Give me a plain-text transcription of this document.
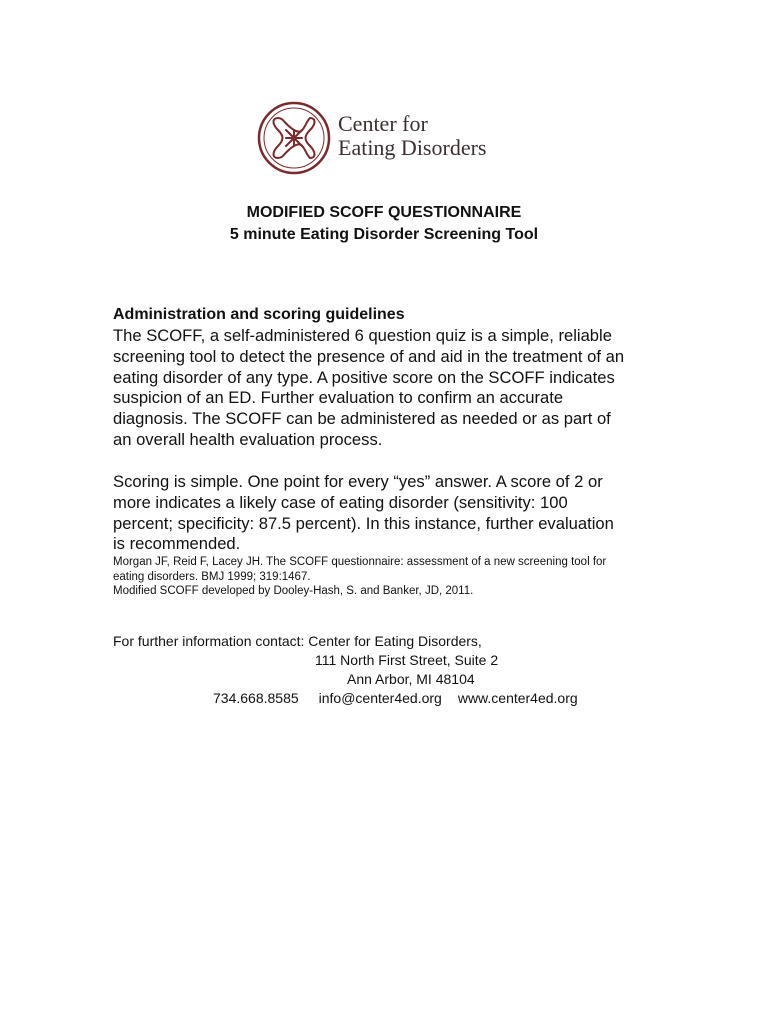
Center for
Eating Disorders
MODIFIED SCOFF QUESTIONNAIRE
5 minute Eating Disorder Screening Tool
Administration and scoring guidelines
The SCOFF, a self-administered 6 question quiz is a simple, reliable
screening tool to detect the presence of and aid in the treatment of an
eating disorder of any type. A positive score on the SCOFF indicates
suspicion of an ED. Further evaluation to confirm an accurate
diagnosis. The SCOFF can be administered as needed or as part of
an overall health evaluation process.
Scoring is simple. One point for every “yes” answer. A score of 2 or
more indicates a likely case of eating disorder (sensitivity: 100
percent; specificity: 87.5 percent). In this instance, further evaluation
is recommended.
Morgan JF, Reid F, Lacey JH. The SCOFF questionnaire: assessment of a new screening tool for
eating disorders. BMJ 1999; 319:1467.
Modified SCOFF developed by Dooley-Hash, S. and Banker, JD, 2011.
For further information contact: Center for Eating Disorders,
111 North First Street, Suite 2
Ann Arbor, MI 48104
734.668.8585 info@center4ed.org www.center4ed.org
